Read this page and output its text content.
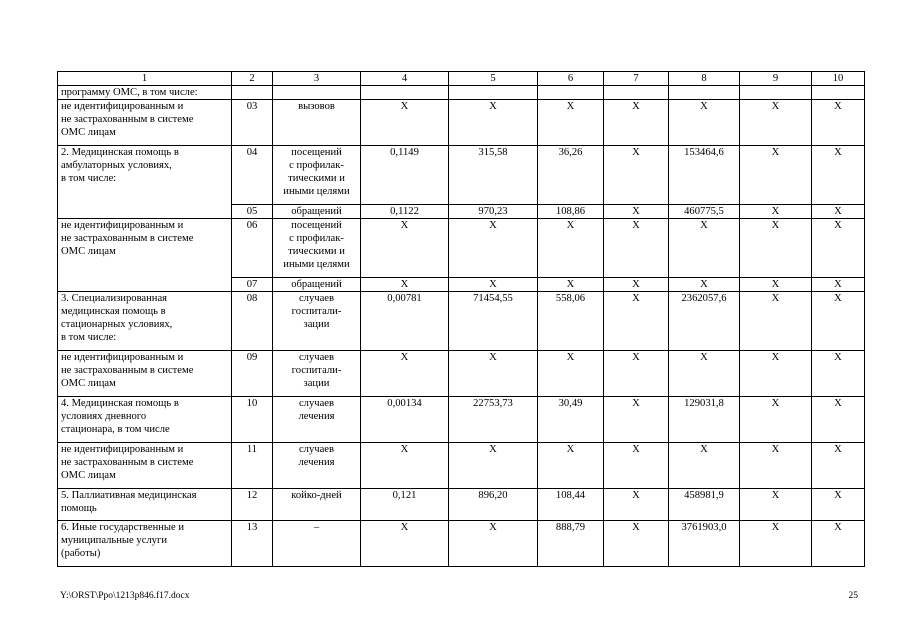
1	2	3	4	5	6	7	8	9	10
программу ОМС, в том числе:									
не идентифицированным и
не застрахованным в системе
ОМС лицам	03	вызовов	X	X	X	X	X	X	X
2. Медицинская помощь в
амбулаторных условиях,
в том числе:	04	посещений
с профилак-
тическими и
иными целями	0,1149	315,58	36,26	X	153464,6	X	X
	05	обращений	0,1122	970,23	108,86	X	460775,5	X	X
не идентифицированным и
не застрахованным в системе
ОМС лицам	06	посещений
с профилак-
тическими и
иными целями	X	X	X	X	X	X	X
	07	обращений	X	X	X	X	X	X	X
3. Специализированная
медицинская помощь в
стационарных условиях,
в том числе:	08	случаев
госпитали-
зации	0,00781	71454,55	558,06	X	2362057,6	X	X
не идентифицированным и
не застрахованным в системе
ОМС лицам	09	случаев
госпитали-
зации	X	X	X	X	X	X	X
4. Медицинская помощь в
условиях дневного
стационара, в том числе	10	случаев
лечения	0,00134	22753,73	30,49	X	129031,8	X	X
не идентифицированным и
не застрахованным в системе
ОМС лицам	11	случаев
лечения	X	X	X	X	X	X	X
5. Паллиативная медицинская
помощь	12	койко-дней	0,121	896,20	108,44	X	458981,9	X	X
6. Иные государственные и
муниципальные услуги
(работы)	13	–	X	X	888,79	X	3761903,0	X	X
Y:\ORST\Ppo\1213p846.f17.docx	25
